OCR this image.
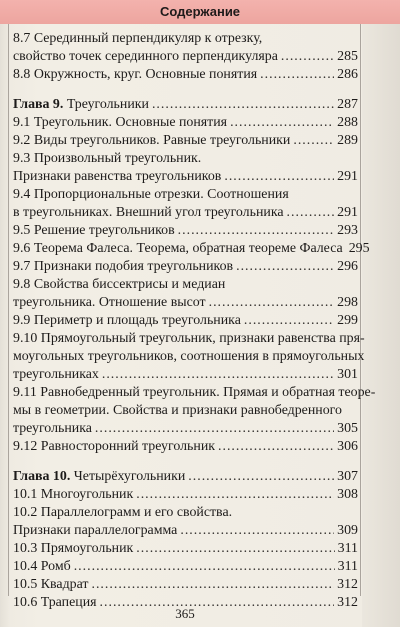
Содержание
8.7 Серединный перпендикуляр к отрезку,
свойство точек серединного перпендикуляра .....	285
8.8 Окружность, круг. Основные понятия .....	286
Глава 9.
Треугольники .....	287
9.1 Треугольник. Основные понятия .....	288
9.2 Виды треугольников. Равные треугольники .....	289
9.3 Произвольный треугольник.
Признаки равенства треугольников .....	291
9.4 Пропорциональные отрезки. Соотношения
в треугольниках. Внешний угол треугольника .....	291
9.5 Решение треугольников .....	293
9.6 Теорема Фалеса. Теорема, обратная теореме Фалеса 295
9.7 Признаки подобия треугольников .....	296
9.8 Свойства биссектрисы и медиан
треугольника. Отношение высот .....	298
9.9 Периметр и площадь треугольника .....	299
9.10 Прямоугольный треугольник, признаки равенства пря-
моугольных треугольников, соотношения в прямоугольных
треугольниках .....	301
9.11 Равнобедренный треугольник. Прямая и обратная теоре-
мы в геометрии. Свойства и признаки равнобедренного
треугольника .....	305
9.12 Равносторонний треугольник .....	306
Глава 10.
Четырёхугольники .....	307
10.1 Многоугольник .....	308
10.2 Параллелограмм и его свойства.
Признаки параллелограмма .....	309
10.3 Прямоугольник .....	311
10.4 Ромб .....	311
10.5 Квадрат .....	312
10.6 Трапеция .....	312
365
